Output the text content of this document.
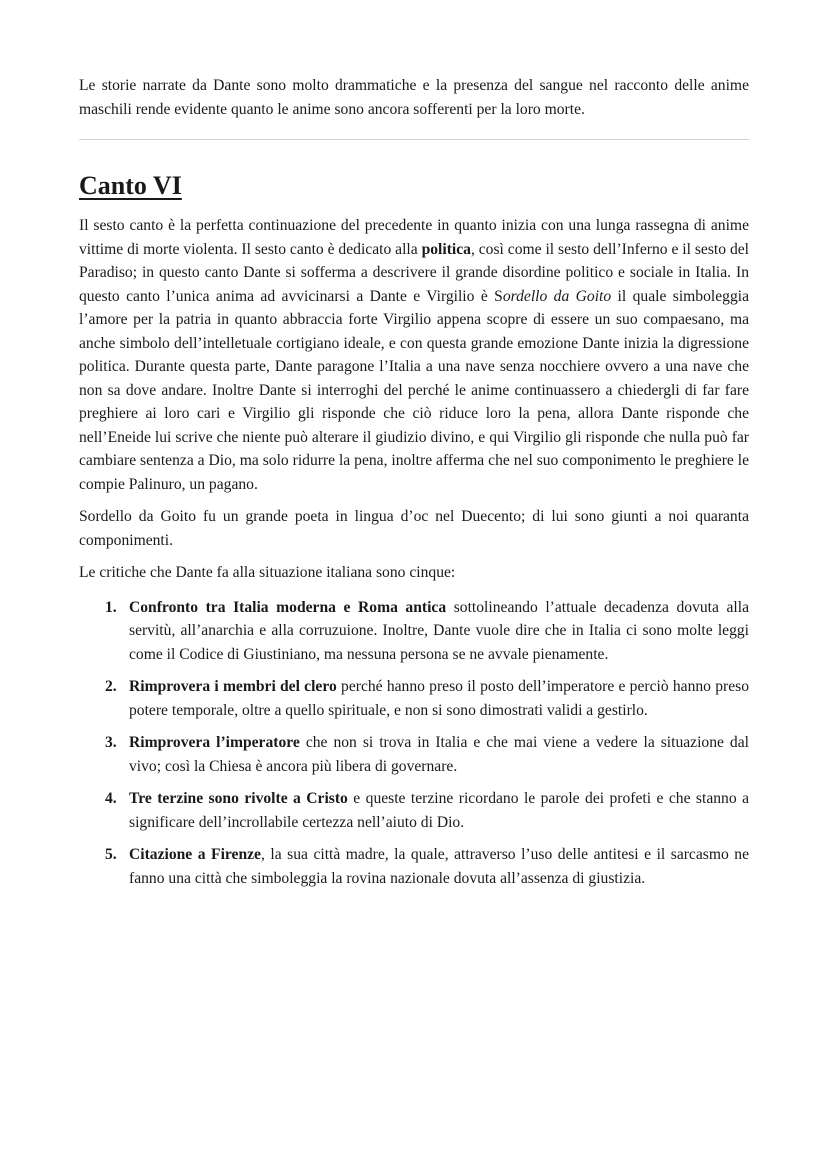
Le storie narrate da Dante sono molto drammatiche e la presenza del sangue nel racconto delle anime maschili rende evidente quanto le anime sono ancora sofferenti per la loro morte.

Canto VI

Il sesto canto è la perfetta continuazione del precedente in quanto inizia con una lunga rassegna di anime vittime di morte violenta. Il sesto canto è dedicato alla politica, così come il sesto dell’Inferno e il sesto del Paradiso; in questo canto Dante si sofferma a descrivere il grande disordine politico e sociale in Italia. In questo canto l’unica anima ad avvicinarsi a Dante e Virgilio è Sordello da Goito il quale simboleggia l’amore per la patria in quanto abbraccia forte Virgilio appena scopre di essere un suo compaesano, ma anche simbolo dell’intelletuale cortigiano ideale, e con questa grande emozione Dante inizia la digressione politica. Durante questa parte, Dante paragone l’Italia a una nave senza nocchiere ovvero a una nave che non sa dove andare. Inoltre Dante si interroghi del perché le anime continuassero a chiedergli di far fare preghiere ai loro cari e Virgilio gli risponde che ciò riduce loro la pena, allora Dante risponde che nell’Eneide lui scrive che niente può alterare il giudizio divino, e qui Virgilio gli risponde che nulla può far cambiare sentenza a Dio, ma solo ridurre la pena, inoltre afferma che nel suo componimento le preghiere le compie Palinuro, un pagano.

Sordello da Goito fu un grande poeta in lingua d’oc nel Duecento; di lui sono giunti a noi quaranta componimenti.

Le critiche che Dante fa alla situazione italiana sono cinque:

1. Confronto tra Italia moderna e Roma antica sottolineando l’attuale decadenza dovuta alla servitù, all’anarchia e alla corruzuione. Inoltre, Dante vuole dire che in Italia ci sono molte leggi come il Codice di Giustiniano, ma nessuna persona se ne avvale pienamente.
2. Rimprovera i membri del clero perché hanno preso il posto dell’imperatore e perciò hanno preso potere temporale, oltre a quello spirituale, e non si sono dimostrati validi a gestirlo.
3. Rimprovera l’imperatore che non si trova in Italia e che mai viene a vedere la situazione dal vivo; così la Chiesa è ancora più libera di governare.
4. Tre terzine sono rivolte a Cristo e queste terzine ricordano le parole dei profeti e che stanno a significare dell’incrollabile certezza nell’aiuto di Dio.
5. Citazione a Firenze, la sua città madre, la quale, attraverso l’uso delle antitesi e il sarcasmo ne fanno una città che simboleggia la rovina nazionale dovuta all’assenza di giustizia.
